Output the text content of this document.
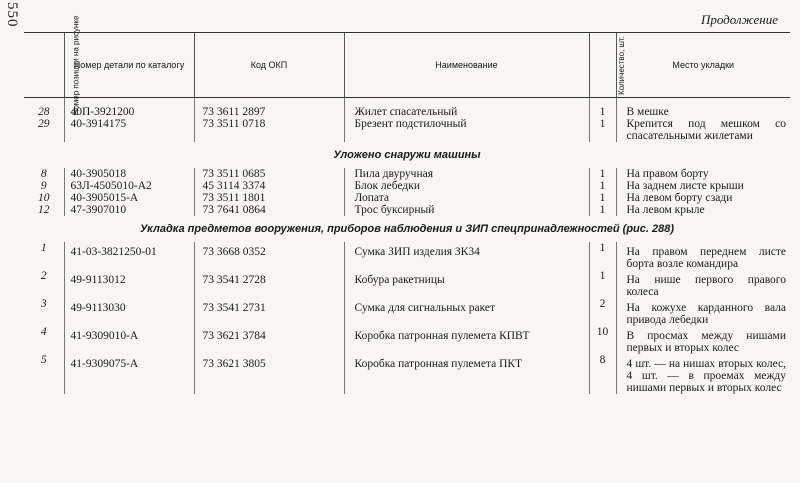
550	Продолжение
Номер позиции на рисунке	Номер детали по каталогу	Код ОКП	Наименование	Количество, шт.	Место укладки

28	40П-3921200	73 3611 2897	Жилет спасательный	1	В мешке
29	40-3914175	73 3511 0718	Брезент подстилочный	1	Крепится под мешком со спасательными жилетами
Уложено снаружи машины					
8	40-3905018	73 3511 0685	Пила двуручная	1	На правом борту
9	63Л-4505010-А2	45 3114 3374	Блок лебедки	1	На заднем листе крыши
10	40-3905015-А	73 3511 1801	Лопата	1	На левом борту сзади
12	47-3907010	73 7641 0864	Трос буксирный	1	На левом крыле
Укладка предметов вооружения, приборов наблюдения и ЗИП спецпринадлежностей (рис. 288)					
1	41-03-3821250-01	73 3668 0352	Сумка ЗИП изделия ЗК34	1	На правом переднем листе борта возле командира
2	49-9113012	73 3541 2728	Кобура ракетницы	1	На нише первого правого колеса
3	49-9113030	73 3541 2731	Сумка для сигнальных ракет	2	На кожухе карданного вала привода лебедки
4	41-9309010-А	73 3621 3784	Коробка патронная пулемета КПВТ	10	В просмах между нишами первых и вторых колес
5	41-9309075-А	73 3621 3805	Коробка патронная пулемета ПКТ	8	4 шт. — на нишах вторых колес, 4 шт. — в проемах между нишами первых и вторых колес
